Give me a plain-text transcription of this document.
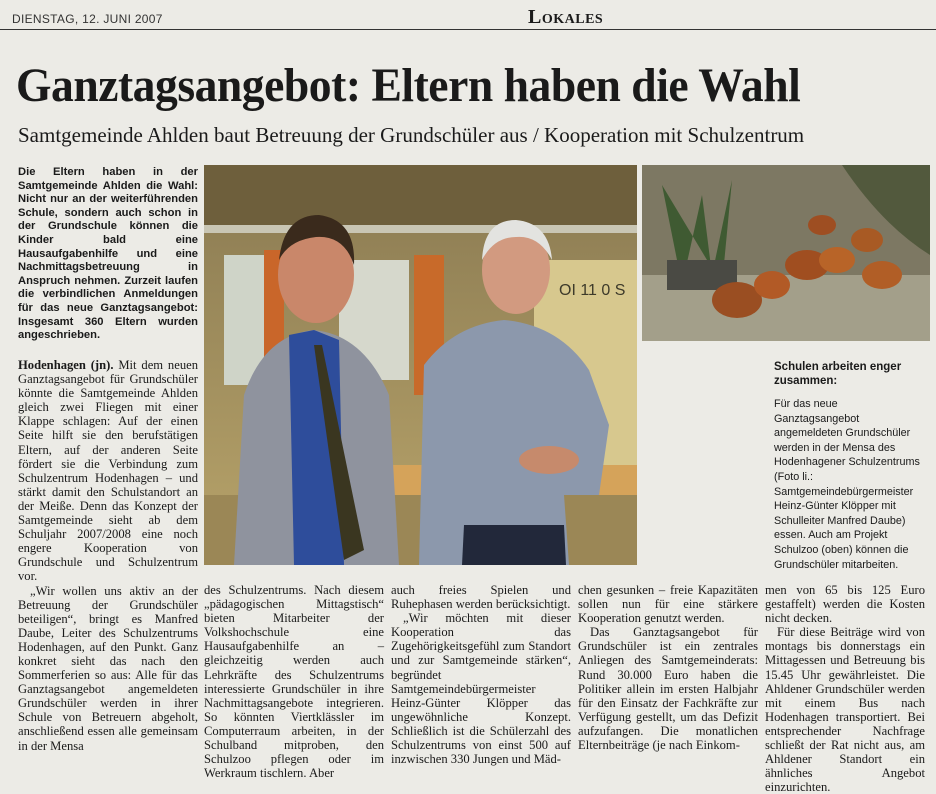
DIENSTAG, 12. JUNI 2007	Lokales
Ganztagsangebot: Eltern haben die Wahl
Samtgemeinde Ahlden baut Betreuung der Grundschüler aus / Kooperation mit Schulzentrum
Die Eltern haben in der Samtgemeinde Ahlden die Wahl: Nicht nur an der weiterführenden Schule, sondern auch schon in der Grundschule können die Kinder bald eine Hausaufgabenhilfe und eine Nachmittagsbetreuung in Anspruch nehmen. Zurzeit laufen die verbindlichen Anmeldungen für das neue Ganztagsangebot: Insgesamt 360 Eltern wurden angeschrieben.
OI 11 0 S
Schulen arbeiten enger zusammen:
Für das neue Ganztagsangebot angemeldeten Grundschüler werden in der Mensa des Hodenhagener Schulzentrums (Foto li.: Samtgemeindebürgermeister Heinz-Günter Klöpper mit Schulleiter Manfred Daube) essen. Auch am Projekt Schulzoo (oben) können die Grundschüler mitarbeiten.

Hodenhagen (jn). Mit dem neuen Ganztagsangebot für Grundschüler könnte die Samtgemeinde Ahlden gleich zwei Fliegen mit einer Klappe schlagen: Auf der einen Seite hilft sie den berufstätigen Eltern, auf der anderen Seite fördert sie die Verbindung zum Schulzentrum Hodenhagen – und stärkt damit den Schulstandort an der Meiße. Denn das Konzept der Samtgemeinde sieht ab dem Schuljahr 2007/2008 eine noch engere Kooperation von Grundschule und Schulzentrum vor.

„Wir wollen uns aktiv an der Betreuung der Grundschüler beteiligen“, bringt es Manfred Daube, Leiter des Schulzentrums Hodenhagen, auf den Punkt. Ganz konkret sieht das nach den Sommerferien so aus: Alle für das Ganztagsangebot angemeldeten Grundschüler werden in ihrer Schule von Betreuern abgeholt, anschließend essen alle gemeinsam in der Mensa

des Schulzentrums. Nach diesem „pädagogischen Mittagstisch“ bieten Mitarbeiter der Volkshochschule eine Hausaufgabenhilfe an – gleichzeitig werden auch Lehrkräfte des Schulzentrums interessierte Grundschüler in ihre Nachmittagsangebote integrieren. So könnten Viertklässler im Computerraum arbeiten, in der Schulband mitproben, den Schulzoo pflegen oder im Werkraum tischlern. Aber

auch freies Spielen und Ruhephasen werden berücksichtigt.

„Wir möchten mit dieser Kooperation das Zugehörigkeitsgefühl zum Standort und zur Samtgemeinde stärken“, begründet Samtgemeindebürgermeister Heinz-Günter Klöpper das ungewöhnliche Konzept. Schließlich ist die Schülerzahl des Schulzentrums von einst 500 auf inzwischen 330 Jungen und Mäd-

chen gesunken – freie Kapazitäten sollen nun für eine stärkere Kooperation genutzt werden.

Das Ganztagsangebot für Grundschüler ist ein zentrales Anliegen des Samtgemeinderats: Rund 30.000 Euro haben die Politiker allein im ersten Halbjahr für den Einsatz der Fachkräfte zur Verfügung gestellt, um das Defizit aufzufangen. Die monatlichen Elternbeiträge (je nach Einkom-

men von 65 bis 125 Euro gestaffelt) werden die Kosten nicht decken.

Für diese Beiträge wird von montags bis donnerstags ein Mittagessen und Betreuung bis 15.45 Uhr gewährleistet. Die Ahldener Grundschüler werden mit einem Bus nach Hodenhagen transportiert. Bei entsprechender Nachfrage schließt der Rat nicht aus, am Ahldener Standort ein ähnliches Angebot einzurichten.
